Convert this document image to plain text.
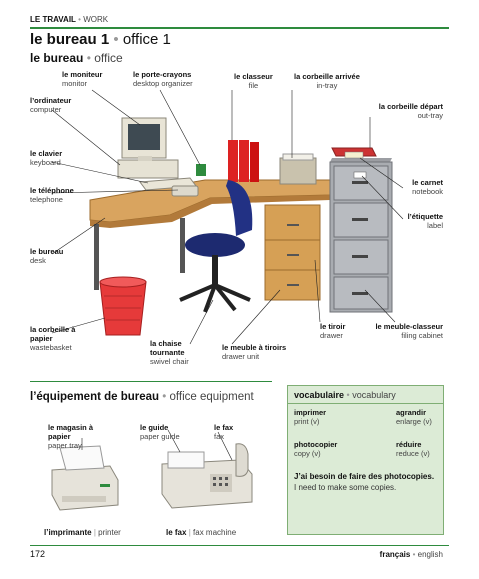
LE TRAVAIL • WORK
le bureau 1 • office 1
le bureau • office
le moniteur
monitor
le porte-crayons
desktop organizer
le classeur
file
la corbeille arrivée
in-tray
la corbeille départ
out-tray
l’ordinateur
computer
le clavier
keyboard
le téléphone
telephone
le bureau
desk
la corbeille à papier
wastebasket
le carnet
notebook
l’étiquette
label
la chaise tournante
swivel chair
le meuble à tiroirs
drawer unit
le tiroir
drawer
le meuble-classeur
filing cabinet
l’équipement de bureau • office equipment
le magasin à papier
paper tray
le guide
paper guide
le fax
fax
l’imprimante | printer	le fax | fax machine
vocabulaire • vocabulary
imprimer
print (v)
agrandir
enlarge (v)
photocopier
copy (v)
réduire
reduce (v)
J’ai besoin de faire des photocopies.
I need to make some copies.
172	français • english
